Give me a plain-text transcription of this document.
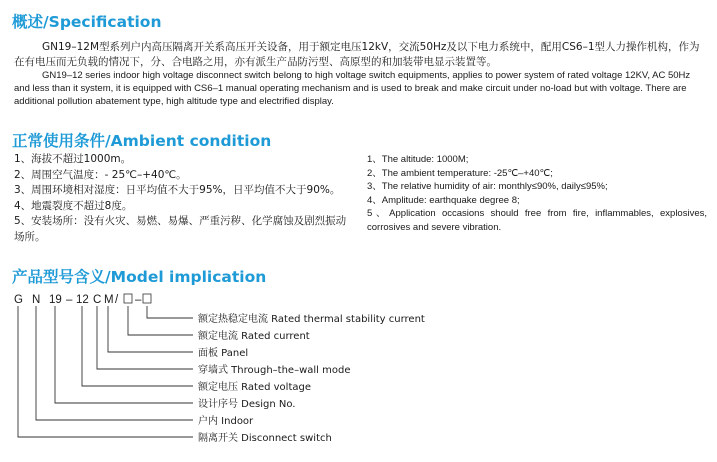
概述/Specification
GN19–12M型系列户内高压隔离开关系高压开关设备，用于额定电压12kV，交流50Hz及以下电力系统中，配用CS6–1型人力操作机构，作为在有电压而无负载的情况下，分、合电路之用，亦有派生产品防污型、高原型的和加装带电显示装置等。
GN19–12 series indoor high voltage disconnect switch belong to high voltage switch equipments, applies to power system of rated voltage 12KV, AC 50Hz and less than it system, it is equipped with CS6–1 manual operating mechanism and is used to break and make circuit under no-load but with voltage. There are additional pollution abatement type, high altitude type and electrified display.
正常使用条件/Ambient condition
1、海拔不超过1000m。
2、周围空气温度：- 25℃–+40℃。
3、周围环境相对湿度：日平均值不大于95%，日平均值不大于90%。
4、地震裂度不超过8度。
5、安装场所：没有火灾、易燃、易爆、严重污秽、化学腐蚀及剧烈振动场所。
1、The altitude: 1000M;
2、The ambient temperature: -25℃–+40℃;
3、The relative humidity of air: monthly≤90%, daily≤95%;
4、Amplitude: earthquake degree 8;
5、Application occasions should free from fire, inflammables, explosives, corrosives and severe vibration.
产品型号含义/Model implication
G N 19 – 12 C M / –
额定热稳定电流 Rated thermal stability current
额定电流 Rated current
面板 Panel
穿墙式 Through–the–wall mode
额定电压 Rated voltage
设计序号 Design No.
户内 Indoor
隔离开关 Disconnect switch
